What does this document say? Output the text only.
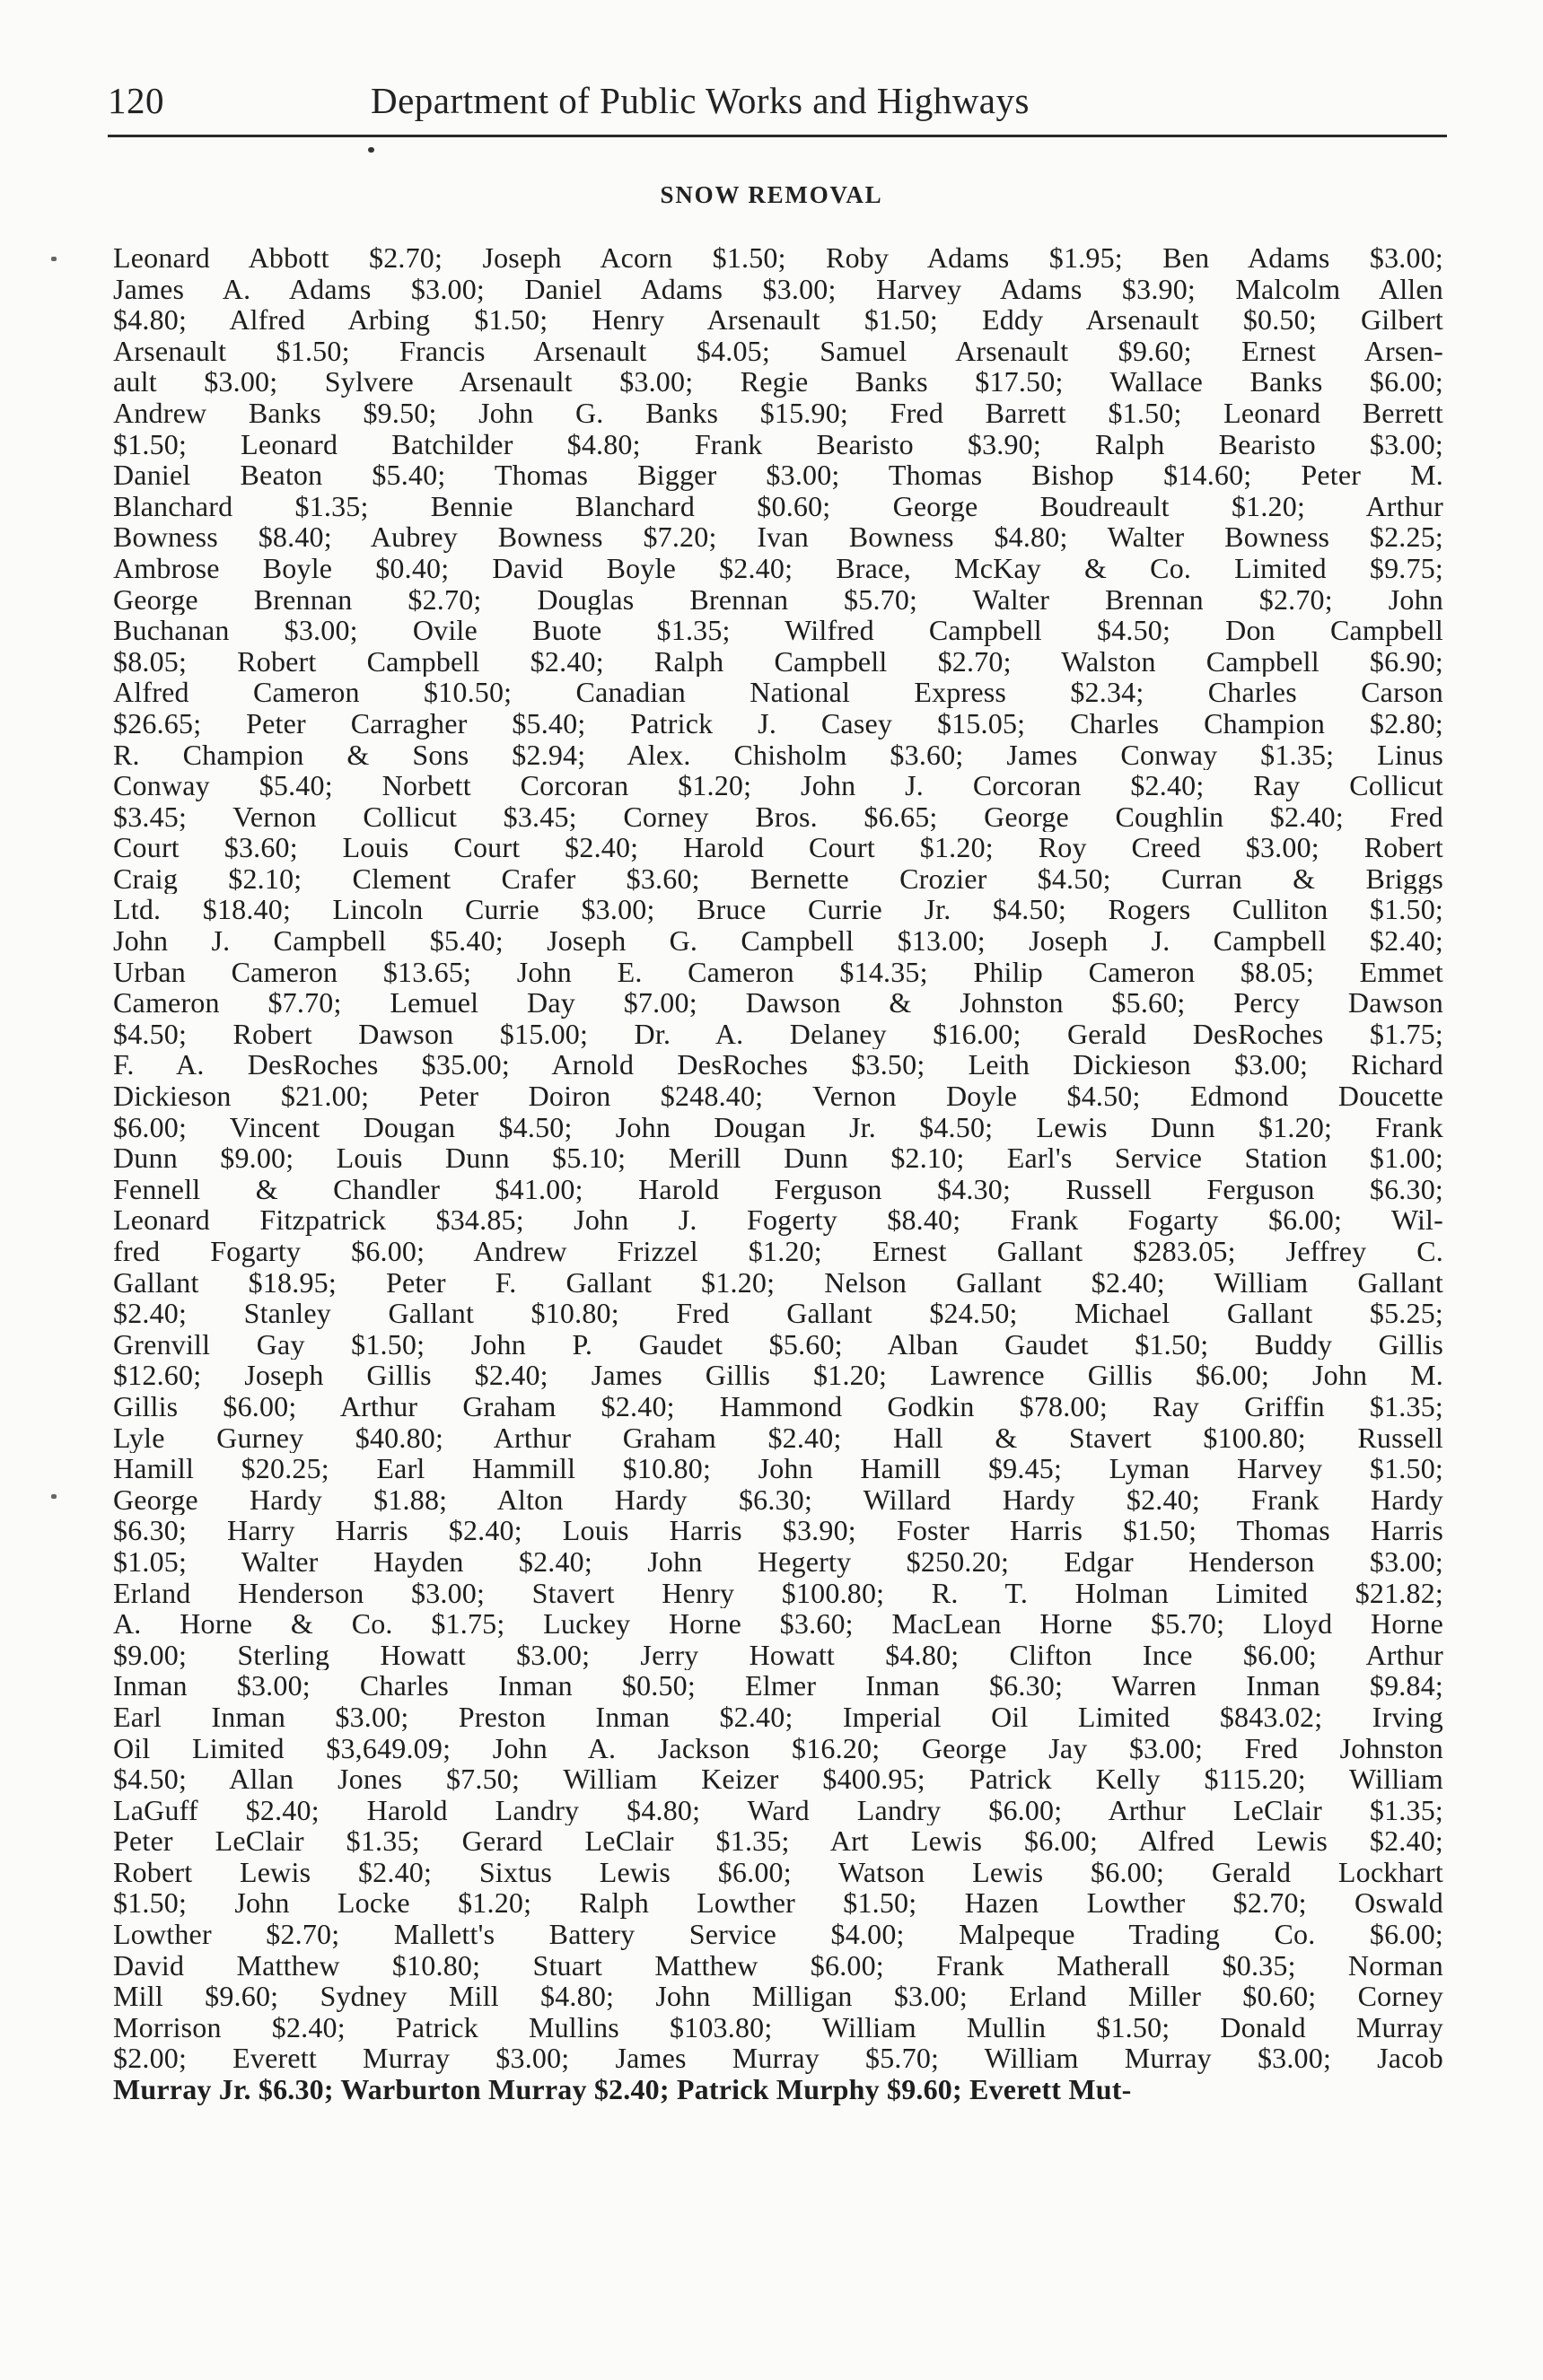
120	Department of Public Works and Highways
SNOW REMOVAL
Leonard Abbott $2.70; Joseph Acorn $1.50; Roby Adams $1.95; Ben Adams $3.00;
James A. Adams $3.00; Daniel Adams $3.00; Harvey Adams $3.90; Malcolm Allen
$4.80; Alfred Arbing $1.50; Henry Arsenault $1.50; Eddy Arsenault $0.50; Gilbert
Arsenault $1.50; Francis Arsenault $4.05; Samuel Arsenault $9.60; Ernest Arsen-
ault $3.00; Sylvere Arsenault $3.00; Regie Banks $17.50; Wallace Banks $6.00;
Andrew Banks $9.50; John G. Banks $15.90; Fred Barrett $1.50; Leonard Berrett
$1.50; Leonard Batchilder $4.80; Frank Bearisto $3.90; Ralph Bearisto $3.00;
Daniel Beaton $5.40; Thomas Bigger $3.00; Thomas Bishop $14.60; Peter M.
Blanchard $1.35; Bennie Blanchard $0.60; George Boudreault $1.20; Arthur
Bowness $8.40; Aubrey Bowness $7.20; Ivan Bowness $4.80; Walter Bowness $2.25;
Ambrose Boyle $0.40; David Boyle $2.40; Brace, McKay & Co. Limited $9.75;
George Brennan $2.70; Douglas Brennan $5.70; Walter Brennan $2.70; John
Buchanan $3.00; Ovile Buote $1.35; Wilfred Campbell $4.50; Don Campbell
$8.05; Robert Campbell $2.40; Ralph Campbell $2.70; Walston Campbell $6.90;
Alfred Cameron $10.50; Canadian National Express $2.34; Charles Carson
$26.65; Peter Carragher $5.40; Patrick J. Casey $15.05; Charles Champion $2.80;
R. Champion & Sons $2.94; Alex. Chisholm $3.60; James Conway $1.35; Linus
Conway $5.40; Norbett Corcoran $1.20; John J. Corcoran $2.40; Ray Collicut
$3.45; Vernon Collicut $3.45; Corney Bros. $6.65; George Coughlin $2.40; Fred
Court $3.60; Louis Court $2.40; Harold Court $1.20; Roy Creed $3.00; Robert
Craig $2.10; Clement Crafer $3.60; Bernette Crozier $4.50; Curran & Briggs
Ltd. $18.40; Lincoln Currie $3.00; Bruce Currie Jr. $4.50; Rogers Culliton $1.50;
John J. Campbell $5.40; Joseph G. Campbell $13.00; Joseph J. Campbell $2.40;
Urban Cameron $13.65; John E. Cameron $14.35; Philip Cameron $8.05; Emmet
Cameron $7.70; Lemuel Day $7.00; Dawson & Johnston $5.60; Percy Dawson
$4.50; Robert Dawson $15.00; Dr. A. Delaney $16.00; Gerald DesRoches $1.75;
F. A. DesRoches $35.00; Arnold DesRoches $3.50; Leith Dickieson $3.00; Richard
Dickieson $21.00; Peter Doiron $248.40; Vernon Doyle $4.50; Edmond Doucette
$6.00; Vincent Dougan $4.50; John Dougan Jr. $4.50; Lewis Dunn $1.20; Frank
Dunn $9.00; Louis Dunn $5.10; Merill Dunn $2.10; Earl's Service Station $1.00;
Fennell & Chandler $41.00; Harold Ferguson $4.30; Russell Ferguson $6.30;
Leonard Fitzpatrick $34.85; John J. Fogerty $8.40; Frank Fogarty $6.00; Wil-
fred Fogarty $6.00; Andrew Frizzel $1.20; Ernest Gallant $283.05; Jeffrey C.
Gallant $18.95; Peter F. Gallant $1.20; Nelson Gallant $2.40; William Gallant
$2.40; Stanley Gallant $10.80; Fred Gallant $24.50; Michael Gallant $5.25;
Grenvill Gay $1.50; John P. Gaudet $5.60; Alban Gaudet $1.50; Buddy Gillis
$12.60; Joseph Gillis $2.40; James Gillis $1.20; Lawrence Gillis $6.00; John M.
Gillis $6.00; Arthur Graham $2.40; Hammond Godkin $78.00; Ray Griffin $1.35;
Lyle Gurney $40.80; Arthur Graham $2.40; Hall & Stavert $100.80; Russell
Hamill $20.25; Earl Hammill $10.80; John Hamill $9.45; Lyman Harvey $1.50;
George Hardy $1.88; Alton Hardy $6.30; Willard Hardy $2.40; Frank Hardy
$6.30; Harry Harris $2.40; Louis Harris $3.90; Foster Harris $1.50; Thomas Harris
$1.05; Walter Hayden $2.40; John Hegerty $250.20; Edgar Henderson $3.00;
Erland Henderson $3.00; Stavert Henry $100.80; R. T. Holman Limited $21.82;
A. Horne & Co. $1.75; Luckey Horne $3.60; MacLean Horne $5.70; Lloyd Horne
$9.00; Sterling Howatt $3.00; Jerry Howatt $4.80; Clifton Ince $6.00; Arthur
Inman $3.00; Charles Inman $0.50; Elmer Inman $6.30; Warren Inman $9.84;
Earl Inman $3.00; Preston Inman $2.40; Imperial Oil Limited $843.02; Irving
Oil Limited $3,649.09; John A. Jackson $16.20; George Jay $3.00; Fred Johnston
$4.50; Allan Jones $7.50; William Keizer $400.95; Patrick Kelly $115.20; William
LaGuff $2.40; Harold Landry $4.80; Ward Landry $6.00; Arthur LeClair $1.35;
Peter LeClair $1.35; Gerard LeClair $1.35; Art Lewis $6.00; Alfred Lewis $2.40;
Robert Lewis $2.40; Sixtus Lewis $6.00; Watson Lewis $6.00; Gerald Lockhart
$1.50; John Locke $1.20; Ralph Lowther $1.50; Hazen Lowther $2.70; Oswald
Lowther $2.70; Mallett's Battery Service $4.00; Malpeque Trading Co. $6.00;
David Matthew $10.80; Stuart Matthew $6.00; Frank Matherall $0.35; Norman
Mill $9.60; Sydney Mill $4.80; John Milligan $3.00; Erland Miller $0.60; Corney
Morrison $2.40; Patrick Mullins $103.80; William Mullin $1.50; Donald Murray
$2.00; Everett Murray $3.00; James Murray $5.70; William Murray $3.00; Jacob
Murray Jr. $6.30; Warburton Murray $2.40; Patrick Murphy $9.60; Everett Mut-
